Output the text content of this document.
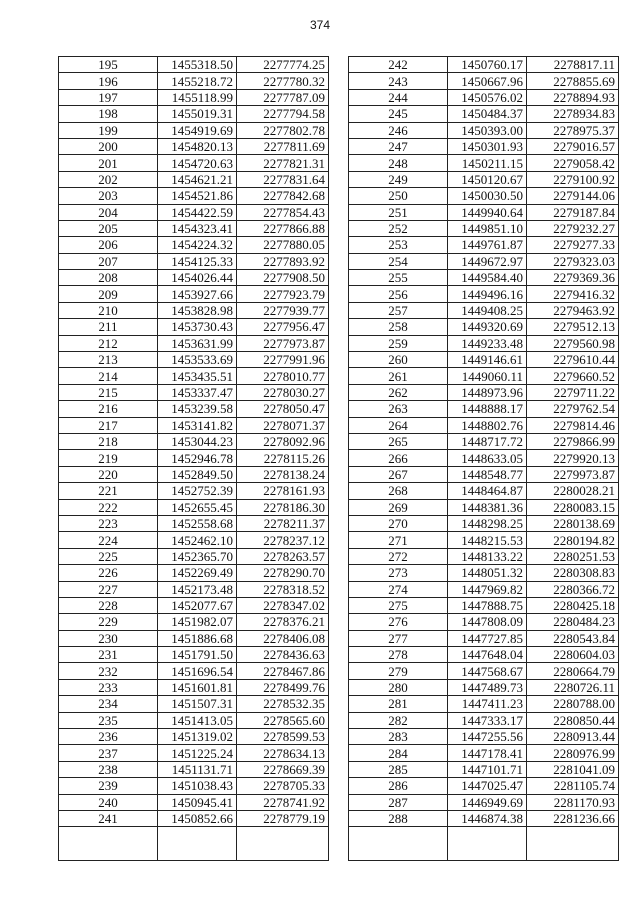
374
195	1455318.50	2277774.25
196	1455218.72	2277780.32
197	1455118.99	2277787.09
198	1455019.31	2277794.58
199	1454919.69	2277802.78
200	1454820.13	2277811.69
201	1454720.63	2277821.31
202	1454621.21	2277831.64
203	1454521.86	2277842.68
204	1454422.59	2277854.43
205	1454323.41	2277866.88
206	1454224.32	2277880.05
207	1454125.33	2277893.92
208	1454026.44	2277908.50
209	1453927.66	2277923.79
210	1453828.98	2277939.77
211	1453730.43	2277956.47
212	1453631.99	2277973.87
213	1453533.69	2277991.96
214	1453435.51	2278010.77
215	1453337.47	2278030.27
216	1453239.58	2278050.47
217	1453141.82	2278071.37
218	1453044.23	2278092.96
219	1452946.78	2278115.26
220	1452849.50	2278138.24
221	1452752.39	2278161.93
222	1452655.45	2278186.30
223	1452558.68	2278211.37
224	1452462.10	2278237.12
225	1452365.70	2278263.57
226	1452269.49	2278290.70
227	1452173.48	2278318.52
228	1452077.67	2278347.02
229	1451982.07	2278376.21
230	1451886.68	2278406.08
231	1451791.50	2278436.63
232	1451696.54	2278467.86
233	1451601.81	2278499.76
234	1451507.31	2278532.35
235	1451413.05	2278565.60
236	1451319.02	2278599.53
237	1451225.24	2278634.13
238	1451131.71	2278669.39
239	1451038.43	2278705.33
240	1450945.41	2278741.92
241	1450852.66	2278779.19

242	1450760.17	2278817.11
243	1450667.96	2278855.69
244	1450576.02	2278894.93
245	1450484.37	2278934.83
246	1450393.00	2278975.37
247	1450301.93	2279016.57
248	1450211.15	2279058.42
249	1450120.67	2279100.92
250	1450030.50	2279144.06
251	1449940.64	2279187.84
252	1449851.10	2279232.27
253	1449761.87	2279277.33
254	1449672.97	2279323.03
255	1449584.40	2279369.36
256	1449496.16	2279416.32
257	1449408.25	2279463.92
258	1449320.69	2279512.13
259	1449233.48	2279560.98
260	1449146.61	2279610.44
261	1449060.11	2279660.52
262	1448973.96	2279711.22
263	1448888.17	2279762.54
264	1448802.76	2279814.46
265	1448717.72	2279866.99
266	1448633.05	2279920.13
267	1448548.77	2279973.87
268	1448464.87	2280028.21
269	1448381.36	2280083.15
270	1448298.25	2280138.69
271	1448215.53	2280194.82
272	1448133.22	2280251.53
273	1448051.32	2280308.83
274	1447969.82	2280366.72
275	1447888.75	2280425.18
276	1447808.09	2280484.23
277	1447727.85	2280543.84
278	1447648.04	2280604.03
279	1447568.67	2280664.79
280	1447489.73	2280726.11
281	1447411.23	2280788.00
282	1447333.17	2280850.44
283	1447255.56	2280913.44
284	1447178.41	2280976.99
285	1447101.71	2281041.09
286	1447025.47	2281105.74
287	1446949.69	2281170.93
288	1446874.38	2281236.66
